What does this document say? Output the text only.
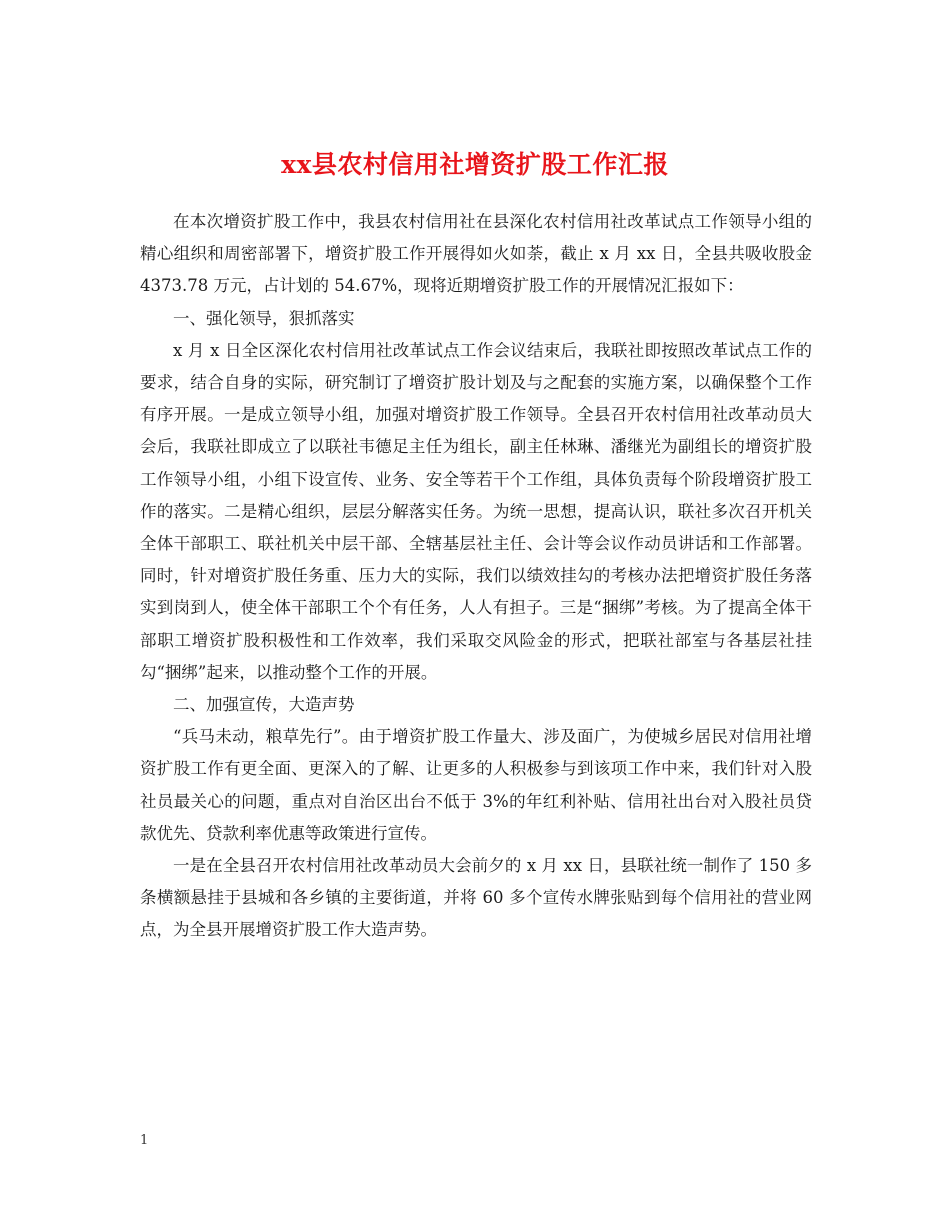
xx县农村信用社增资扩股工作汇报

在本次增资扩股工作中，我县农村信用社在县深化农村信用社改革试点工作领导小组的精心组织和周密部署下，增资扩股工作开展得如火如荼，截止 x 月 xx 日，全县共吸收股金 4373.78 万元，占计划的 54.67%，现将近期增资扩股工作的开展情况汇报如下：

一、强化领导，狠抓落实

x 月 x 日全区深化农村信用社改革试点工作会议结束后，我联社即按照改革试点工作的要求，结合自身的实际，研究制订了增资扩股计划及与之配套的实施方案，以确保整个工作有序开展。一是成立领导小组，加强对增资扩股工作领导。全县召开农村信用社改革动员大会后，我联社即成立了以联社韦德足主任为组长，副主任林琳、潘继光为副组长的增资扩股工作领导小组，小组下设宣传、业务、安全等若干个工作组，具体负责每个阶段增资扩股工作的落实。二是精心组织，层层分解落实任务。为统一思想，提高认识，联社多次召开机关全体干部职工、联社机关中层干部、全辖基层社主任、会计等会议作动员讲话和工作部署。同时，针对增资扩股任务重、压力大的实际，我们以绩效挂勾的考核办法把增资扩股任务落实到岗到人，使全体干部职工个个有任务，人人有担子。三是“捆绑”考核。为了提高全体干部职工增资扩股积极性和工作效率，我们采取交风险金的形式，把联社部室与各基层社挂勾“捆绑”起来，以推动整个工作的开展。

二、加强宣传，大造声势

“兵马未动，粮草先行”。由于增资扩股工作量大、涉及面广，为使城乡居民对信用社增资扩股工作有更全面、更深入的了解、让更多的人积极参与到该项工作中来，我们针对入股社员最关心的问题，重点对自治区出台不低于 3%的年红利补贴、信用社出台对入股社员贷款优先、贷款利率优惠等政策进行宣传。

一是在全县召开农村信用社改革动员大会前夕的 x 月 xx 日，县联社统一制作了 150 多条横额悬挂于县城和各乡镇的主要街道，并将 60 多个宣传水牌张贴到每个信用社的营业网点，为全县开展增资扩股工作大造声势。

1
